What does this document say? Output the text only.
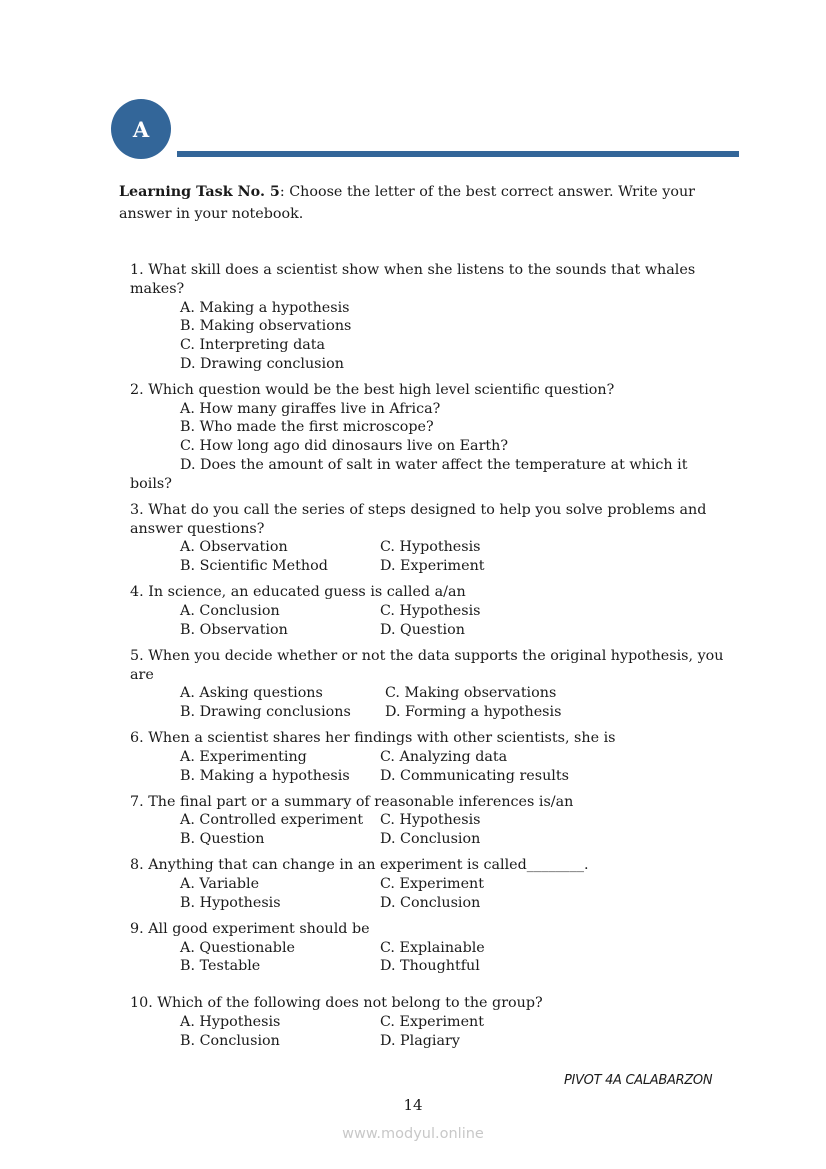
A
Learning Task No. 5: Choose the letter of the best correct answer. Write your answer in your notebook.
1. What skill does a scientist show when she listens to the sounds that whales makes?
A. Making a hypothesis
B. Making observations
C. Interpreting data
D. Drawing conclusion
2. Which question would be the best high level scientific question?
A. How many giraffes live in Africa?
B. Who made the first microscope?
C. How long ago did dinosaurs live on Earth?
D. Does the amount of salt in water affect the temperature at which it
boils?
3. What do you call the series of steps designed to help you solve problems and answer questions?
A. Observation	C. Hypothesis
B. Scientific Method	D. Experiment
4. In science, an educated guess is called a/an
A. Conclusion	C. Hypothesis
B. Observation	D. Question
5. When you decide whether or not the data supports the original hypothesis, you are
A. Asking questions	C. Making observations
B. Drawing conclusions	D. Forming a hypothesis
6. When a scientist shares her findings with other scientists, she is
A. Experimenting	C. Analyzing data
B. Making a hypothesis	D. Communicating results
7. The final part or a summary of reasonable inferences is/an
A. Controlled experiment	C. Hypothesis
B. Question	D. Conclusion
8. Anything that can change in an experiment is called________.
A. Variable	C. Experiment
B. Hypothesis	D. Conclusion
9. All good experiment should be
A. Questionable	C. Explainable
B. Testable	D. Thoughtful
10. Which of the following does not belong to the group?
A. Hypothesis	C. Experiment
B. Conclusion	D. Plagiary
PIVOT 4A CALABARZON
14
www.modyul.online
